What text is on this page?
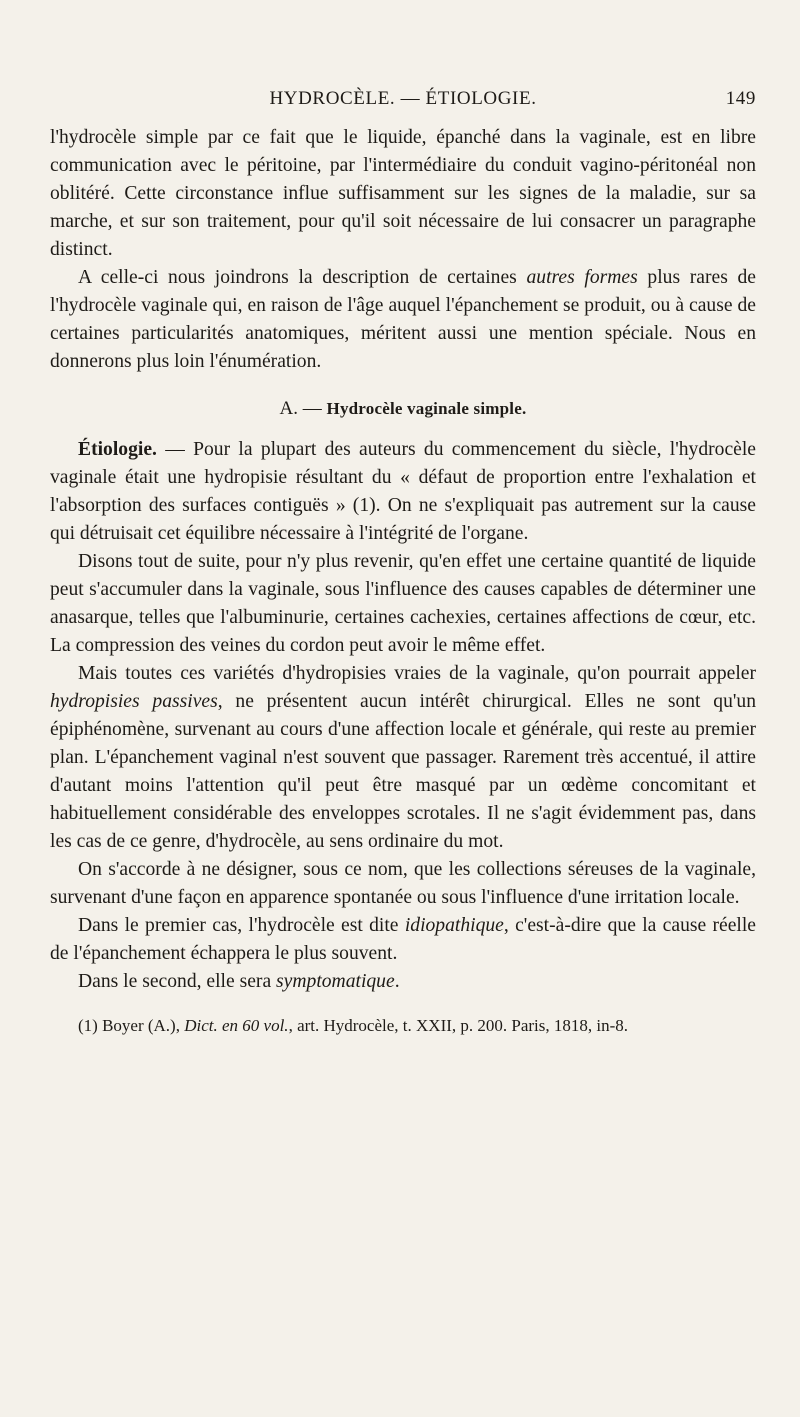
HYDROCÈLE. — ÉTIOLOGIE.	149

l'hydrocèle simple par ce fait que le liquide, épanché dans la vaginale, est en libre communication avec le péritoine, par l'intermédiaire du conduit vagino-péritonéal non oblitéré. Cette circonstance influe suffisamment sur les signes de la maladie, sur sa marche, et sur son traitement, pour qu'il soit nécessaire de lui consacrer un paragraphe distinct.

A celle-ci nous joindrons la description de certaines autres formes plus rares de l'hydrocèle vaginale qui, en raison de l'âge auquel l'épanchement se produit, ou à cause de certaines particularités anatomiques, méritent aussi une mention spéciale. Nous en donnerons plus loin l'énumération.

A. — Hydrocèle vaginale simple.

Étiologie. — Pour la plupart des auteurs du commencement du siècle, l'hydrocèle vaginale était une hydropisie résultant du « défaut de proportion entre l'exhalation et l'absorption des surfaces contiguës » (1). On ne s'expliquait pas autrement sur la cause qui détruisait cet équilibre nécessaire à l'intégrité de l'organe.

Disons tout de suite, pour n'y plus revenir, qu'en effet une certaine quantité de liquide peut s'accumuler dans la vaginale, sous l'influence des causes capables de déterminer une anasarque, telles que l'albuminurie, certaines cachexies, certaines affections de cœur, etc. La compression des veines du cordon peut avoir le même effet.

Mais toutes ces variétés d'hydropisies vraies de la vaginale, qu'on pourrait appeler hydropisies passives, ne présentent aucun intérêt chirurgical. Elles ne sont qu'un épiphénomène, survenant au cours d'une affection locale et générale, qui reste au premier plan. L'épanchement vaginal n'est souvent que passager. Rarement très accentué, il attire d'autant moins l'attention qu'il peut être masqué par un œdème concomitant et habituellement considérable des enveloppes scrotales. Il ne s'agit évidemment pas, dans les cas de ce genre, d'hydrocèle, au sens ordinaire du mot.

On s'accorde à ne désigner, sous ce nom, que les collections séreuses de la vaginale, survenant d'une façon en apparence spontanée ou sous l'influence d'une irritation locale.

Dans le premier cas, l'hydrocèle est dite idiopathique, c'est-à-dire que la cause réelle de l'épanchement échappera le plus souvent.

Dans le second, elle sera symptomatique.

(1) Boyer (A.), Dict. en 60 vol., art. Hydrocèle, t. XXII, p. 200. Paris, 1818, in-8.
